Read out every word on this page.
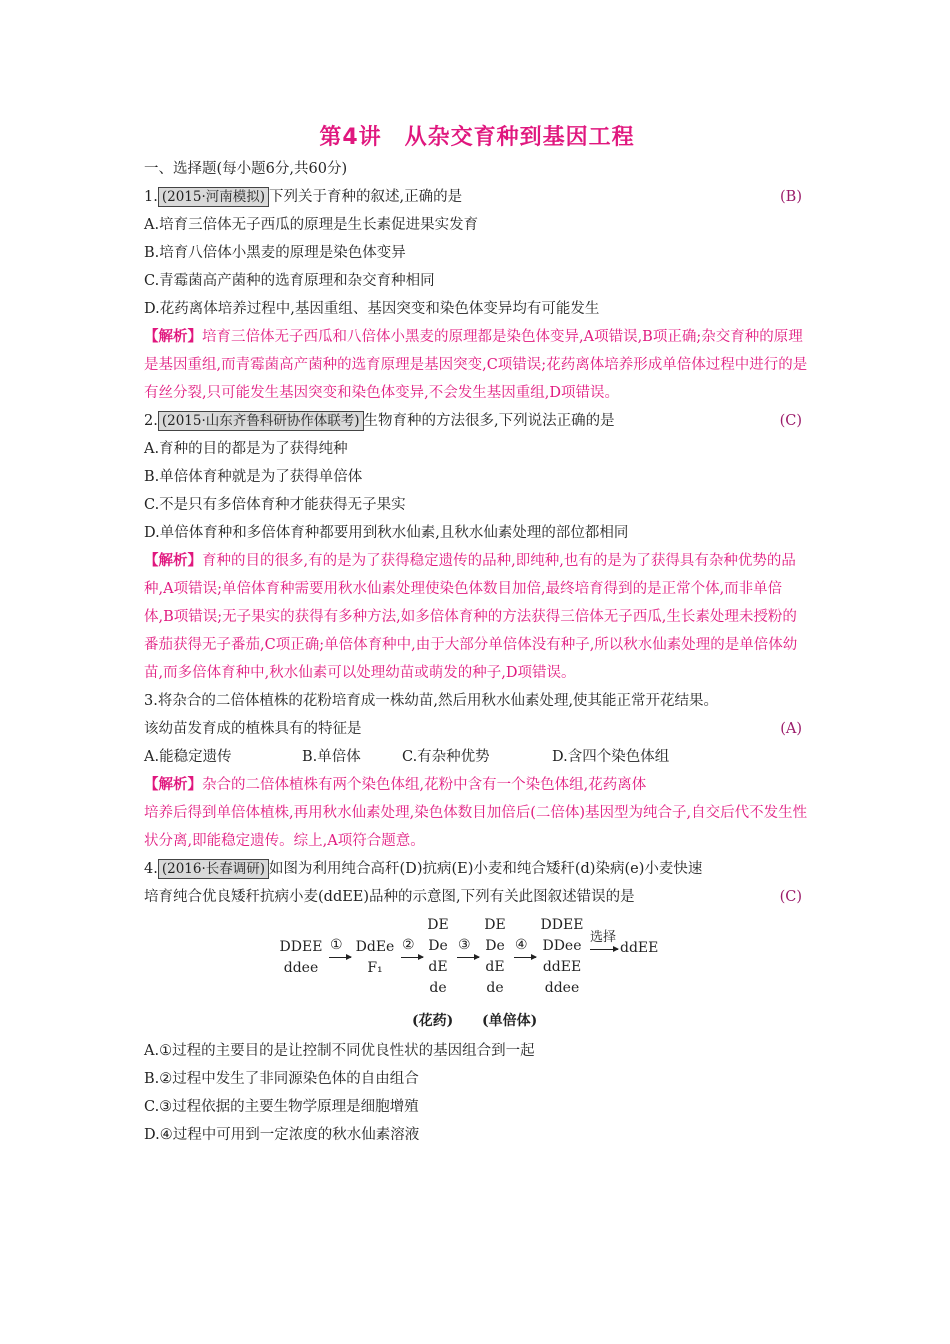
第4讲　从杂交育种到基因工程
一、选择题(每小题6分,共60分)
1. (2015·河南模拟) 下列关于育种的叙述,正确的是	(B)
A.培育三倍体无子西瓜的原理是生长素促进果实发育
B.培育八倍体小黑麦的原理是染色体变异
C.青霉菌高产菌种的选育原理和杂交育种相同
D.花药离体培养过程中,基因重组、基因突变和染色体变异均有可能发生
【解析】培育三倍体无子西瓜和八倍体小黑麦的原理都是染色体变异,A项错误,B项正确;杂交育种的原理是基因重组,而青霉菌高产菌种的选育原理是基因突变,C项错误;花药离体培养形成单倍体过程中进行的是有丝分裂,只可能发生基因突变和染色体变异,不会发生基因重组,D项错误。
2. (2015·山东齐鲁科研协作体联考) 生物育种的方法很多,下列说法正确的是	(C)
A.育种的目的都是为了获得纯种
B.单倍体育种就是为了获得单倍体
C.不是只有多倍体育种才能获得无子果实
D.单倍体育种和多倍体育种都要用到秋水仙素,且秋水仙素处理的部位都相同
【解析】育种的目的很多,有的是为了获得稳定遗传的品种,即纯种,也有的是为了获得具有杂种优势的品种,A项错误;单倍体育种需要用秋水仙素处理使染色体数目加倍,最终培育得到的是正常个体,而非单倍体,B项错误;无子果实的获得有多种方法,如多倍体育种的方法获得三倍体无子西瓜,生长素处理未授粉的番茄获得无子番茄,C项正确;单倍体育种中,由于大部分单倍体没有种子,所以秋水仙素处理的是单倍体幼苗,而多倍体育种中,秋水仙素可以处理幼苗或萌发的种子,D项错误。
3.将杂合的二倍体植株的花粉培育成一株幼苗,然后用秋水仙素处理,使其能正常开花结果。
该幼苗发育成的植株具有的特征是	(A)
A.能稳定遗传	B.单倍体	C.有杂种优势	D.含四个染色体组
【解析】杂合的二倍体植株有两个染色体组,花粉中含有一个染色体组,花药离体
培养后得到单倍体植株,再用秋水仙素处理,染色体数目加倍后(二倍体)基因型为纯合子,自交后代不发生性状分离,即能稳定遗传。综上,A项符合题意。
4. (2016·长春调研) 如图为利用纯合高秆(D)抗病(E)小麦和纯合矮秆(d)染病(e)小麦快速
培育纯合优良矮秆抗病小麦(ddEE)品种的示意图,下列有关此图叙述错误的是	(C)
DDEE
ddee
① DdEe
F₁
②
DE
De
dE
de
③
DE
De
dE
de
④
DDEE
DDee
ddEE
ddee
选择
ddEE
(花药) (单倍体)
A.①过程的主要目的是让控制不同优良性状的基因组合到一起
B.②过程中发生了非同源染色体的自由组合
C.③过程依据的主要生物学原理是细胞增殖
D.④过程中可用到一定浓度的秋水仙素溶液
